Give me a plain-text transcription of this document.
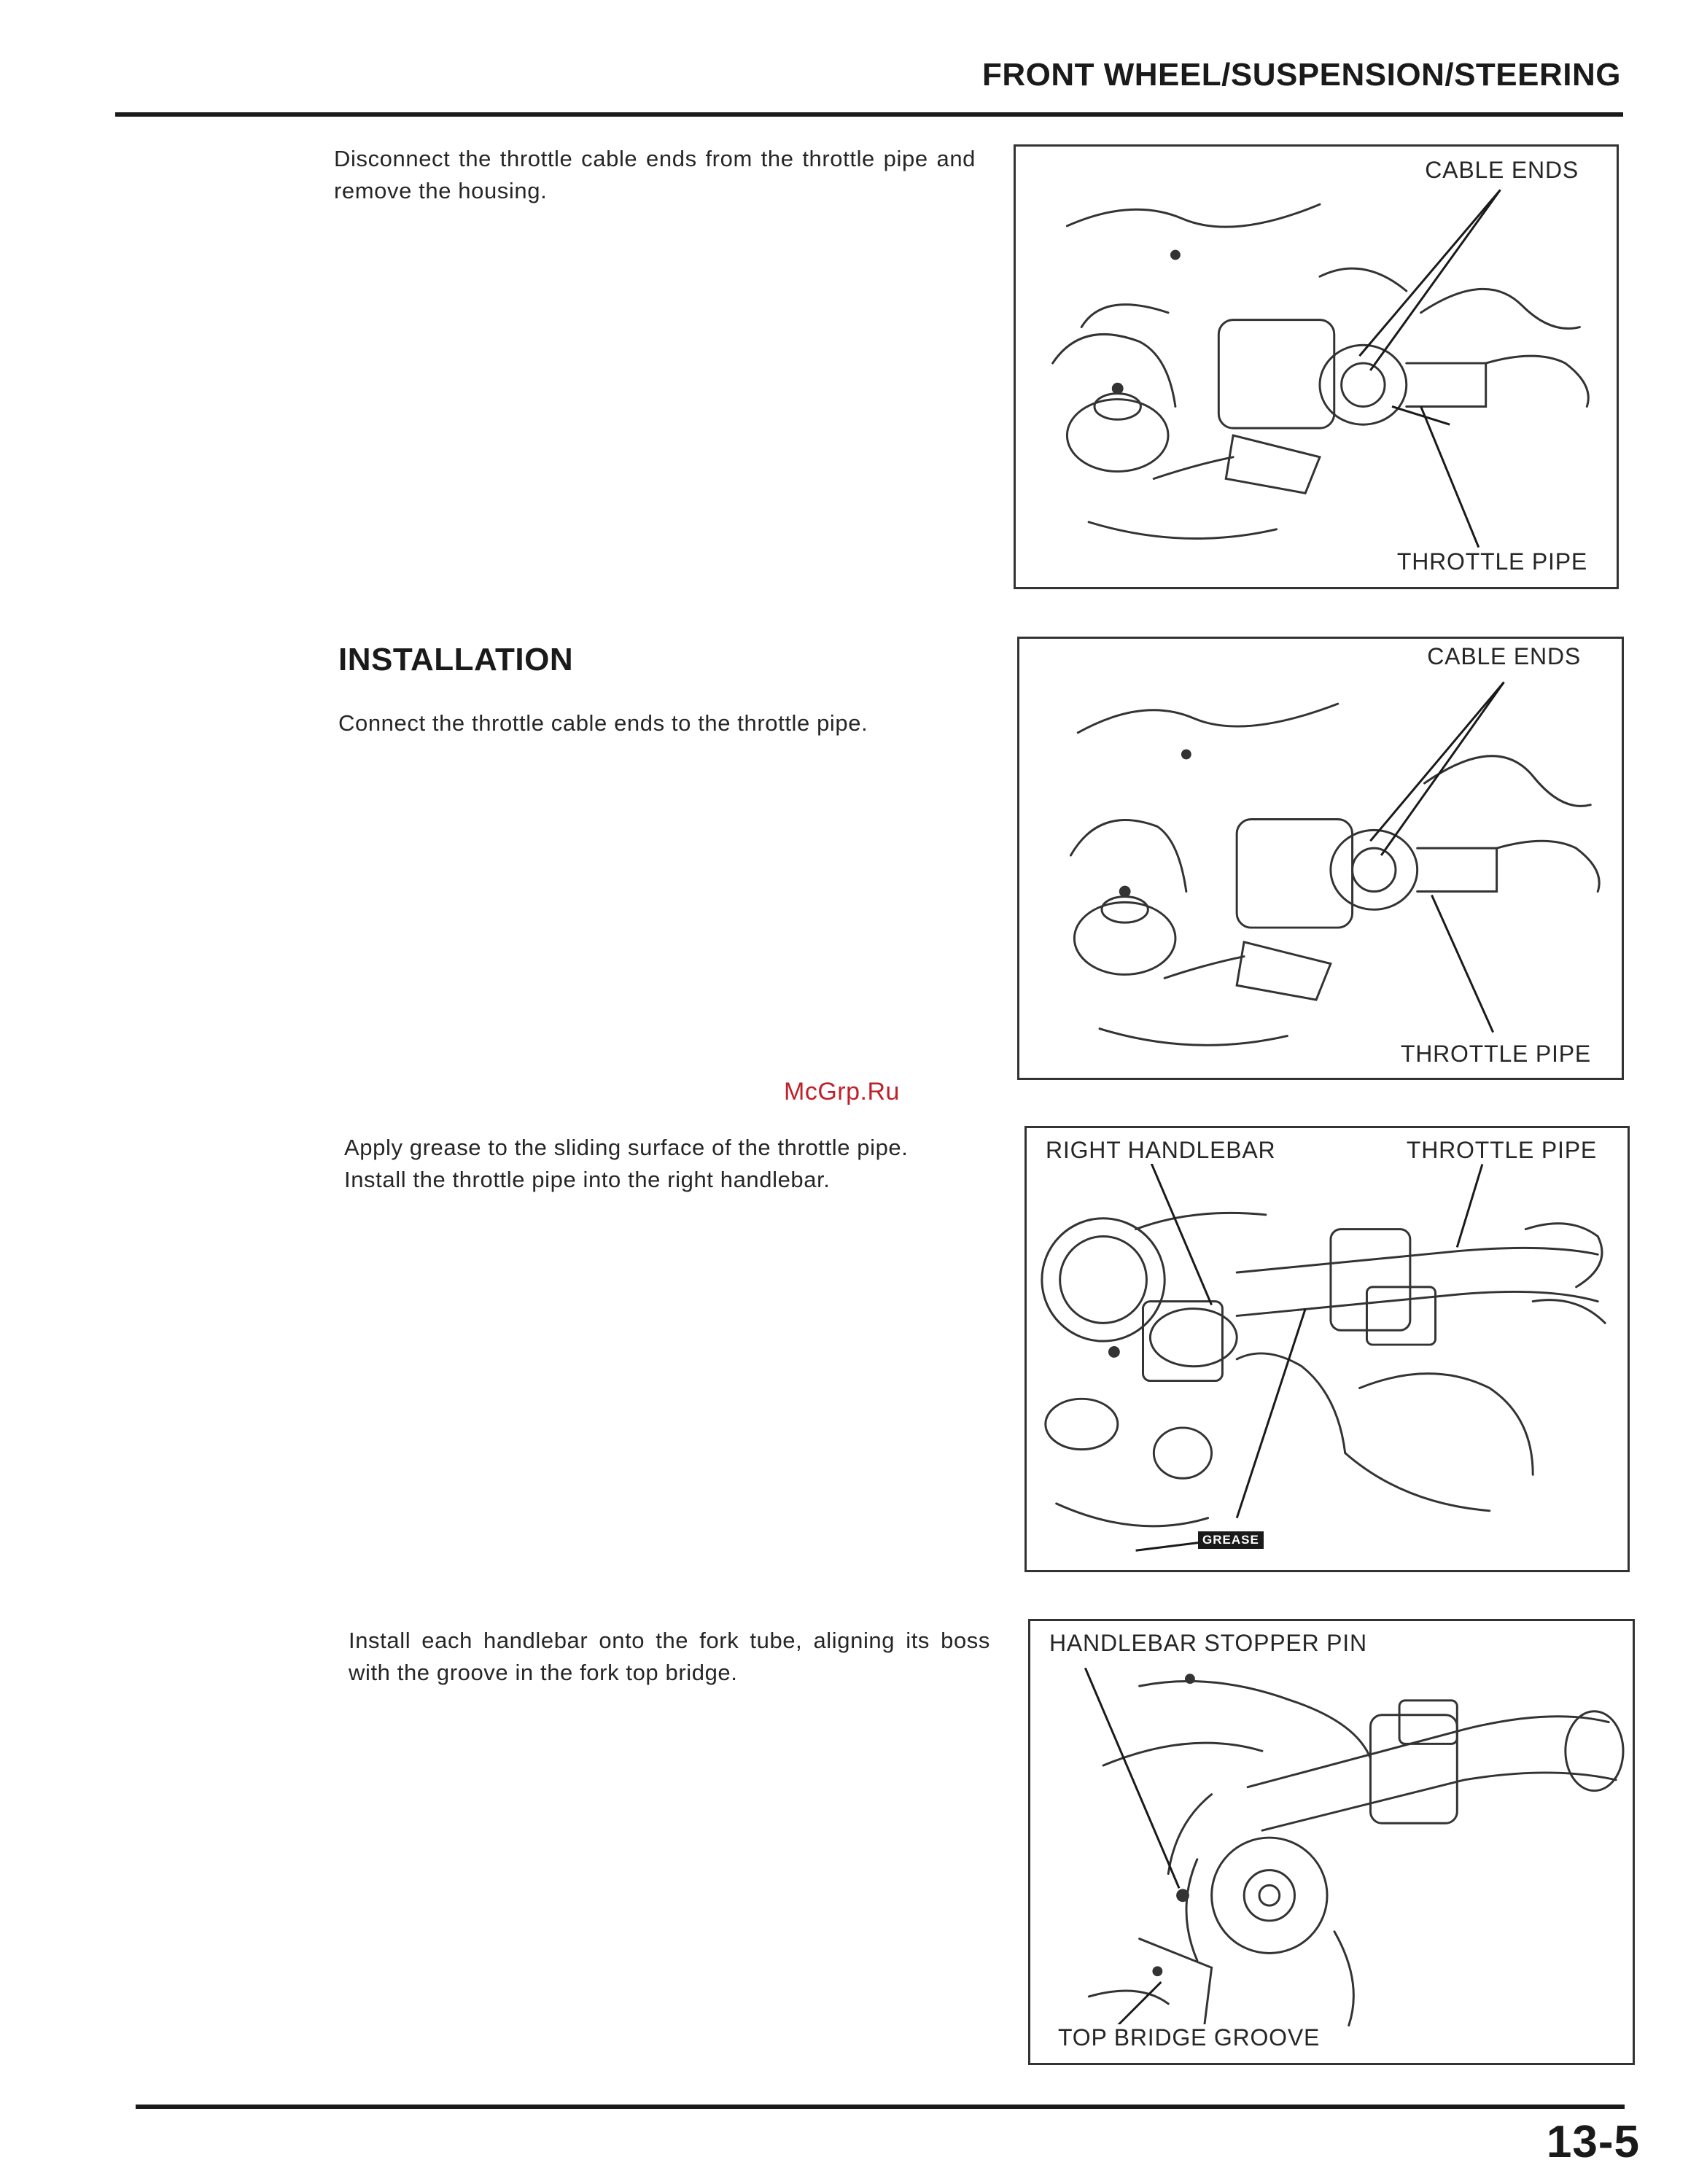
FRONT WHEEL/SUSPENSION/STEERING
Disconnect the throttle cable ends from the throttle pipe and remove the housing.
CABLE ENDS
THROTTLE PIPE
INSTALLATION
Connect the throttle cable ends to the throttle pipe.
CABLE ENDS
THROTTLE PIPE
McGrp.Ru
Apply grease to the sliding surface of the throttle pipe.
Install the throttle pipe into the right handlebar.
RIGHT HANDLEBAR	THROTTLE PIPE
GREASE
Install each handlebar onto the fork tube, aligning its boss with the groove in the fork top bridge.
HANDLEBAR STOPPER PIN
TOP BRIDGE GROOVE
13-5
